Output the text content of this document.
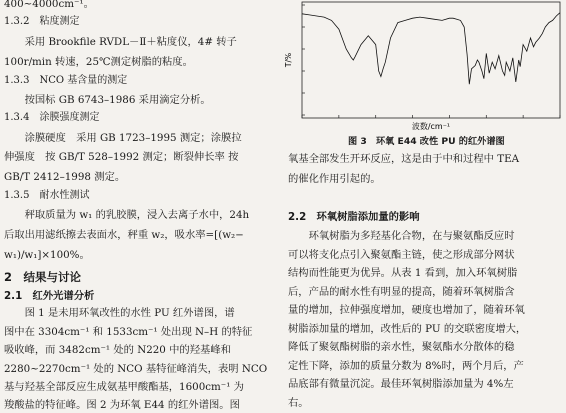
400~4000cm⁻¹。
1.3.2　粘度测定
　　采用 Brookfile RVDL－Ⅱ＋粘度仪，4# 转子
100r/min 转速，25℃测定树脂的粘度。
1.3.3　NCO 基含量的测定
　　按国标 GB 6743–1986 采用滴定分析。
1.3.4　涂膜强度测定
　　涂膜硬度　采用 GB 1723–1995 测定；涂膜拉
伸强度　按 GB/T 528–1992 测定；断裂伸长率 按
GB/T 2412–1998 测定。
1.3.5　耐水性测试
　　秤取质量为 w₁ 的乳胶膜，浸入去离子水中，24h
后取出用滤纸擦去表面水，秤重 w₂，吸水率=[(w₂−
w₁)/w₁]×100%。
2　结果与讨论
2.1　红外光谱分析
　　图 1 是未用环氧改性的水性 PU 红外谱图，谱
图中在 3304cm⁻¹ 和 1533cm⁻¹ 处出现 N–H 的特征
吸收峰，而 3482cm⁻¹ 处的 N220 中的羟基峰和
2280~2270cm⁻¹ 处的 NCO 基特征峰消失，表明 NCO
基与羟基全部反应生成氨基甲酸酯基，1600cm⁻¹ 为
羧酸盐的特征峰。图 2 为环氧 E44 的红外谱图。图
T/%
波数/cm⁻¹
图 3　环氧 E44 改性 PU 的红外谱图
氧基全部发生开环反应，这是由于中和过程中 TEA
的催化作用引起的。
2.2　环氧树脂添加量的影响
　　环氧树脂为多羟基化合物，在与聚氨酯反应时
可以将支化点引入聚氨酯主链，使之形成部分网状
结构而性能更为优异。从表 1 看到，加入环氧树脂
后，产品的耐水性有明显的提高，随着环氧树脂含
量的增加，拉伸强度增加，硬度也增加了，随着环氧
树脂添加量的增加，改性后的 PU 的交联密度增大，
降低了聚氨酯树脂的亲水性，聚氨酯水分散体的稳
定性下降，添加的质量分数为 8%时，两个月后，产
品底部有微量沉淀。最佳环氧树脂添加量为 4%左
右。
